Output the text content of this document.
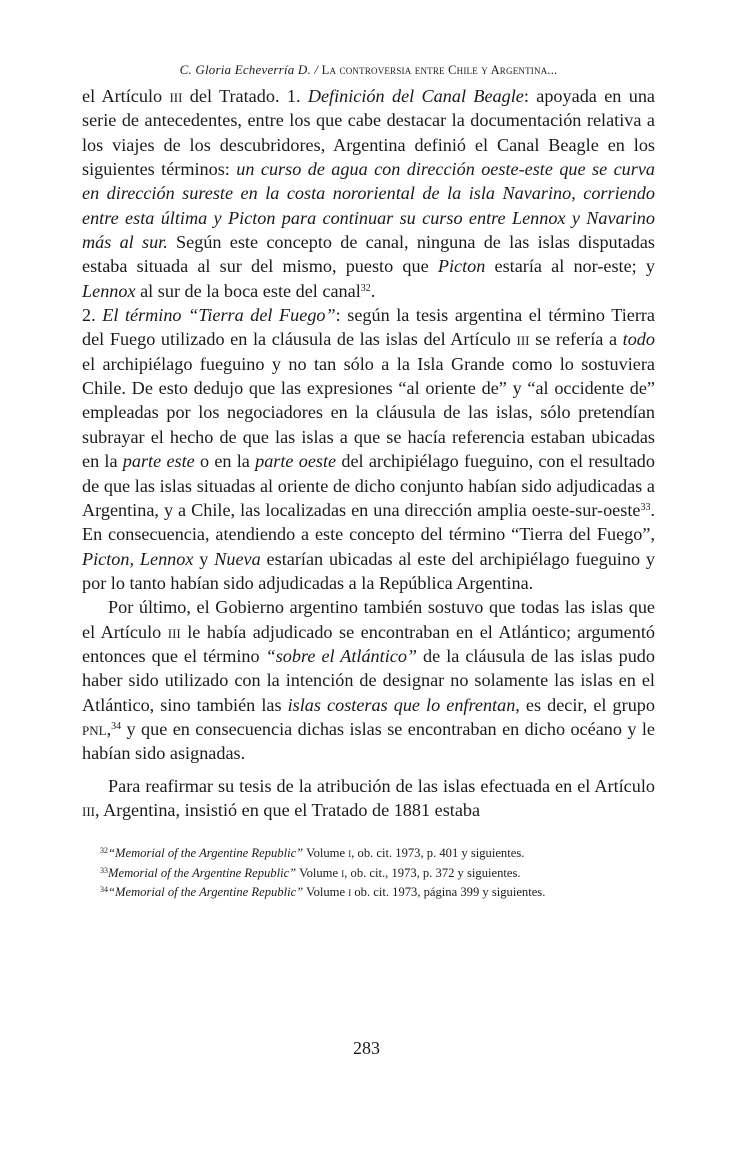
C. Gloria Echeverría D. / La controversia entre Chile y Argentina...

el Artículo iii del Tratado. 1. Definición del Canal Beagle: apoyada en una serie de antecedentes, entre los que cabe destacar la documentación relativa a los viajes de los descubridores, Argentina definió el Canal Beagle en los siguientes términos: un curso de agua con dirección oeste-este que se curva en dirección sureste en la costa nororiental de la isla Navarino, corriendo entre esta última y Picton para continuar su curso entre Lennox y Navarino más al sur. Según este concepto de canal, ninguna de las islas disputadas estaba situada al sur del mismo, puesto que Picton estaría al nor-este; y Lennox al sur de la boca este del canal$^{32}$.

2. El término “Tierra del Fuego”: según la tesis argentina el término Tierra del Fuego utilizado en la cláusula de las islas del Artículo iii se refería a todo el archipiélago fueguino y no tan sólo a la Isla Grande como lo sostuviera Chile. De esto dedujo que las expresiones “al oriente de” y “al occidente de” empleadas por los negociadores en la cláusula de las islas, sólo pretendían subrayar el hecho de que las islas a que se hacía referencia estaban ubicadas en la parte este o en la parte oeste del archipiélago fueguino, con el resultado de que las islas situadas al oriente de dicho conjunto habían sido adjudicadas a Argentina, y a Chile, las localizadas en una dirección amplia oeste-sur-oeste$^{33}$. En consecuencia, atendiendo a este concepto del término “Tierra del Fuego”, Picton, Lennox y Nueva estarían ubicadas al este del archipiélago fueguino y por lo tanto habían sido adjudicadas a la República Argentina.

Por último, el Gobierno argentino también sostuvo que todas las islas que el Artículo iii le había adjudicado se encontraban en el Atlántico; argumentó entonces que el término “sobre el Atlántico” de la cláusula de las islas pudo haber sido utilizado con la intención de designar no solamente las islas en el Atlántico, sino también las islas costeras que lo enfrentan, es decir, el grupo pnl,$^{34}$ y que en consecuencia dichas islas se encontraban en dicho océano y le habían sido asignadas.

Para reafirmar su tesis de la atribución de las islas efectuada en el Artículo iii, Argentina, insistió en que el Tratado de 1881 estaba

$^{32}$“Memorial of the Argentine Republic” Volume i, ob. cit. 1973, p. 401 y siguientes.

$^{33}$Memorial of the Argentine Republic” Volume i, ob. cit., 1973, p. 372 y siguientes.

$^{34}$“Memorial of the Argentine Republic” Volume i ob. cit. 1973, página 399 y siguientes.

283
